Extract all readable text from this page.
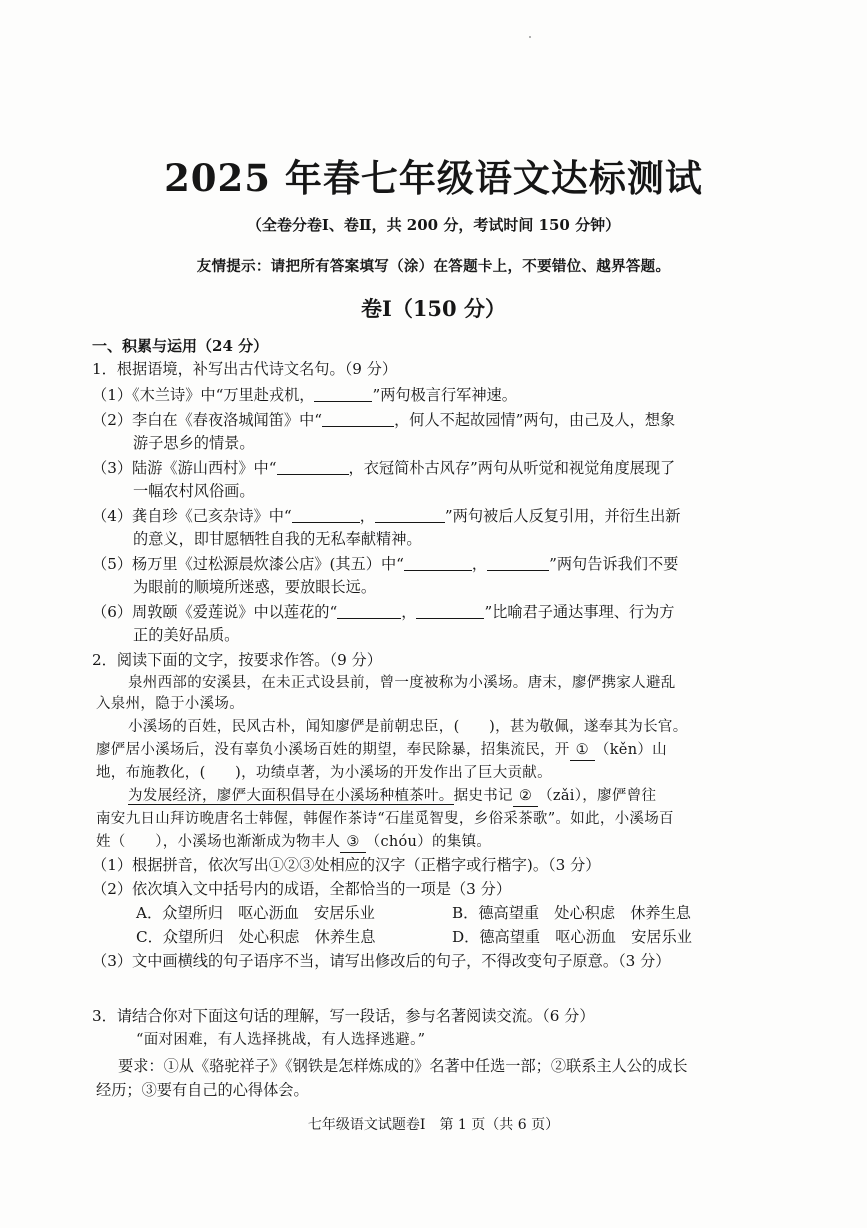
2025 年春七年级语文达标测试
（全卷分卷Ⅰ、卷Ⅱ，共 200 分，考试时间 150 分钟）
友情提示：请把所有答案填写（涂）在答题卡上，不要错位、越界答题。
卷Ⅰ（150 分）
一、积累与运用（24 分）
1．根据语境，补写出古代诗文名句。（9 分）
（1）《木兰诗》中“万里赴戎机，	”两句极言行军神速。
（2）李白在《春夜洛城闻笛》中“	，何人不起故园情”两句，由己及人，想象
游子思乡的情景。
（3）陆游《游山西村》中“	，衣冠简朴古风存”两句从听觉和视觉角度展现了
一幅农村风俗画。
（4）龚自珍《己亥杂诗》中“	，	”两句被后人反复引用，并衍生出新
的意义，即甘愿牺牲自我的无私奉献精神。
（5）杨万里《过松源晨炊漆公店》(其五）中“	，	”两句告诉我们不要
为眼前的顺境所迷惑，要放眼长远。
（6）周敦颐《爱莲说》中以莲花的“	，	”比喻君子通达事理、行为方
正的美好品质。
2．阅读下面的文字，按要求作答。（9 分）
泉州西部的安溪县，在未正式设县前，曾一度被称为小溪场。唐末，廖俨携家人避乱
入泉州，隐于小溪场。
小溪场的百姓，民风古朴，闻知廖俨是前朝忠臣，(　　)，甚为敬佩，遂奉其为长官。
廖俨居小溪场后，没有辜负小溪场百姓的期望，奉民除暴，招集流民，开 ① （kěn）山
地，布施教化，(　　)，功绩卓著，为小溪场的开发作出了巨大贡献。
为发展经济，廖俨大面积倡导在小溪场种植茶叶。据史书记 ② （zǎi），廖俨曾往
南安九日山拜访晚唐名士韩偓，韩偓作茶诗“石崖觅智叟，乡俗采茶歌”。如此，小溪场百
姓（　　），小溪场也渐渐成为物丰人 ③ （chóu）的集镇。
（1）根据拼音，依次写出①②③处相应的汉字（正楷字或行楷字)。（3 分）
（2）依次填入文中括号内的成语，全都恰当的一项是（3 分）
A．众望所归　呕心沥血　安居乐业	B．德高望重　处心积虑　休养生息
C．众望所归　处心积虑　休养生息	D．德高望重　呕心沥血　安居乐业
（3）文中画横线的句子语序不当，请写出修改后的句子，不得改变句子原意。（3 分）
3．请结合你对下面这句话的理解，写一段话，参与名著阅读交流。（6 分）
“面对困难，有人选择挑战，有人选择逃避。”
要求：①从《骆驼祥子》《钢铁是怎样炼成的》名著中任选一部；②联系主人公的成长
经历；③要有自己的心得体会。
七年级语文试题卷Ⅰ　第 1 页（共 6 页）
